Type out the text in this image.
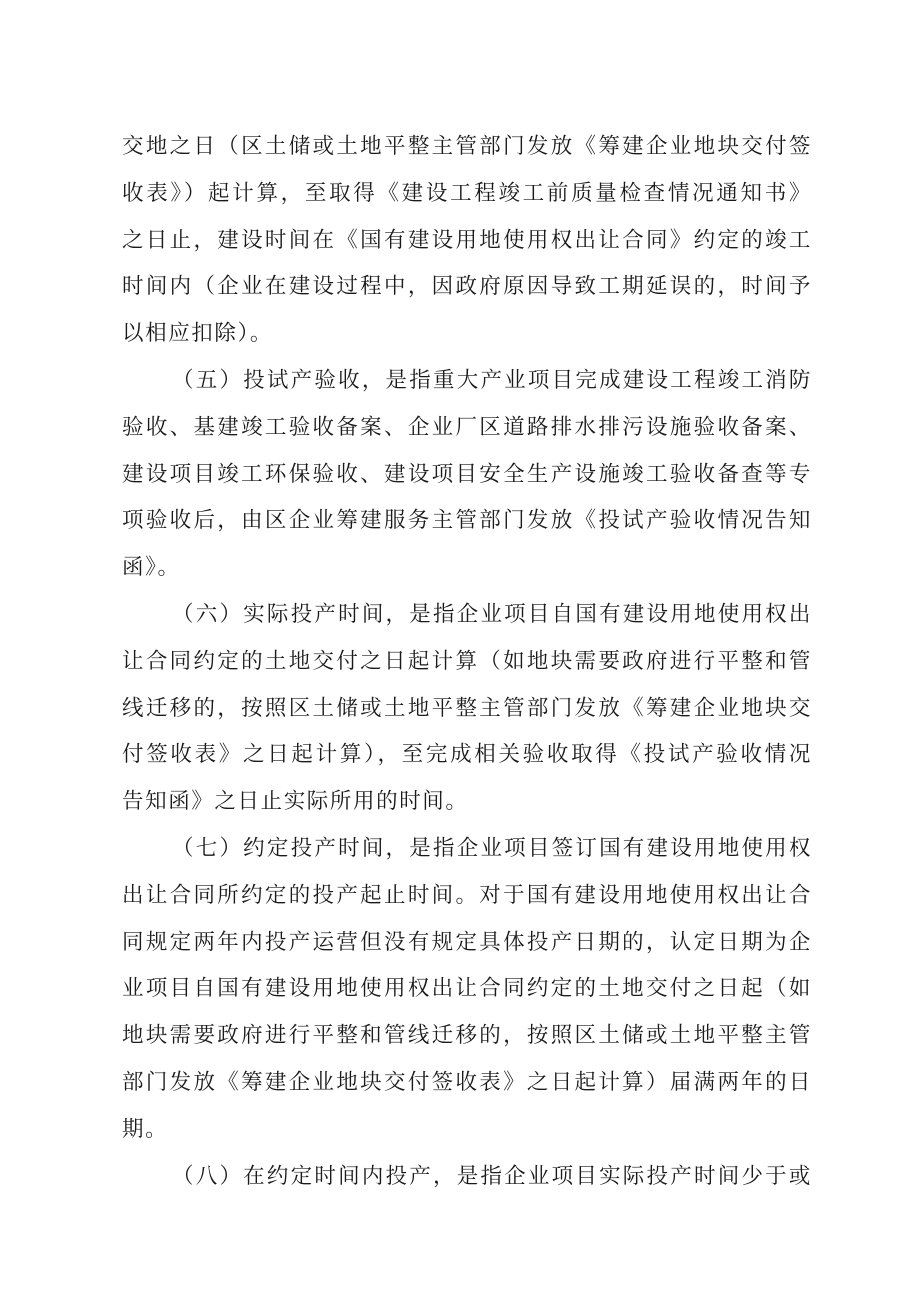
交地之日（区土储或土地平整主管部门发放《筹建企业地块交付签
收表》）起计算，至取得《建设工程竣工前质量检查情况通知书》
之日止，建设时间在《国有建设用地使用权出让合同》约定的竣工
时间内（企业在建设过程中，因政府原因导致工期延误的，时间予
以相应扣除）。
（五）投试产验收，是指重大产业项目完成建设工程竣工消防
验收、基建竣工验收备案、企业厂区道路排水排污设施验收备案、
建设项目竣工环保验收、建设项目安全生产设施竣工验收备查等专
项验收后，由区企业筹建服务主管部门发放《投试产验收情况告知
函》。
（六）实际投产时间，是指企业项目自国有建设用地使用权出
让合同约定的土地交付之日起计算（如地块需要政府进行平整和管
线迁移的，按照区土储或土地平整主管部门发放《筹建企业地块交
付签收表》之日起计算），至完成相关验收取得《投试产验收情况
告知函》之日止实际所用的时间。
（七）约定投产时间，是指企业项目签订国有建设用地使用权
出让合同所约定的投产起止时间。对于国有建设用地使用权出让合
同规定两年内投产运营但没有规定具体投产日期的，认定日期为企
业项目自国有建设用地使用权出让合同约定的土地交付之日起（如
地块需要政府进行平整和管线迁移的，按照区土储或土地平整主管
部门发放《筹建企业地块交付签收表》之日起计算）届满两年的日
期。
（八）在约定时间内投产，是指企业项目实际投产时间少于或
